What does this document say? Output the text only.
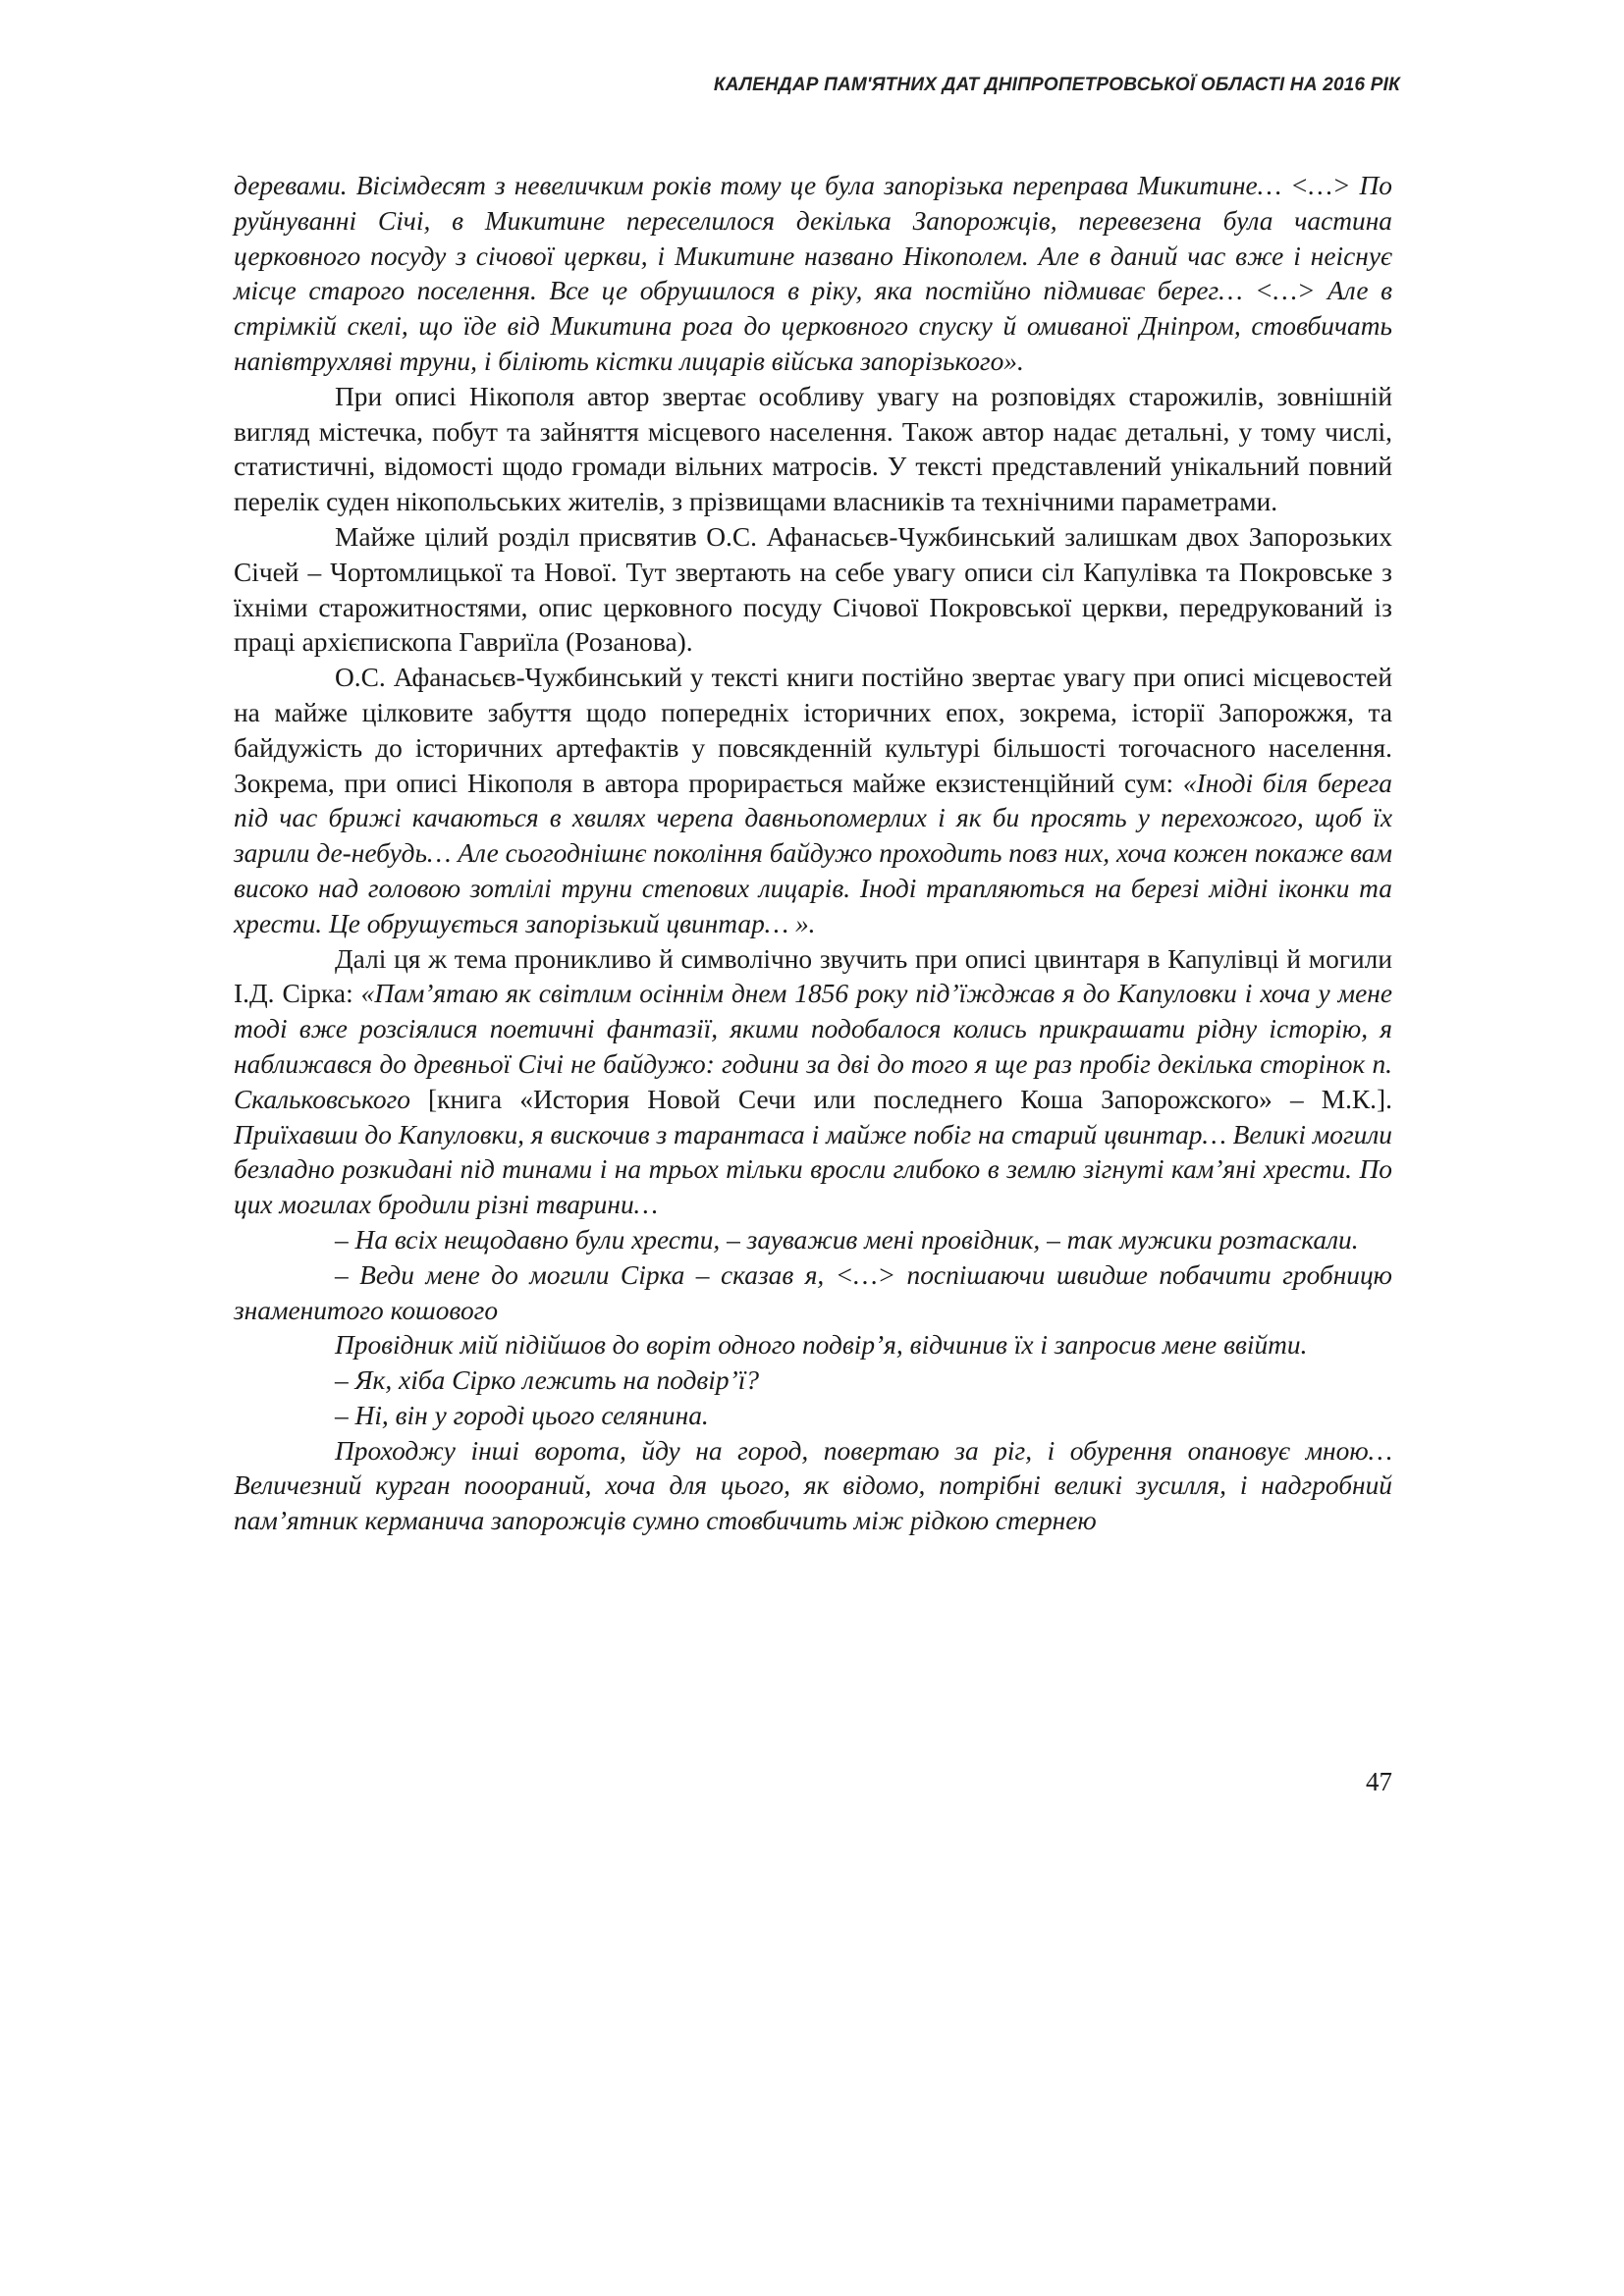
КАЛЕНДАР ПАМ'ЯТНИХ ДАТ ДНІПРОПЕТРОВСЬКОЇ ОБЛАСТІ НА 2016 РІК

деревами. Вісімдесят з невеличким років тому це була запорізька переправа Микитине… <…> По руйнуванні Січі, в Микитине переселилося декілька Запорожців, перевезена була частина церковного посуду з січової церкви, і Микитине названо Нікополем. Але в даний час вже і неіснує місце старого поселення. Все це обрушилося в ріку, яка постійно підмиває берег… <…> Але в стрімкій скелі, що їде від Микитина рога до церковного спуску й омиваної Дніпром, стовбичать напівтрухляві труни, і біліють кістки лицарів війська запорізького».

При описі Нікополя автор звертає особливу увагу на розповідях старожилів, зовнішній вигляд містечка, побут та зайняття місцевого населення. Також автор надає детальні, у тому числі, статистичні, відомості щодо громади вільних матросів. У тексті представлений унікальний повний перелік суден нікопольських жителів, з прізвищами власників та технічними параметрами.

Майже цілий розділ присвятив О.С. Афанасьєв-Чужбинський залишкам двох Запорозьких Січей – Чортомлицької та Нової. Тут звертають на себе увагу описи сіл Капулівка та Покровське з їхніми старожитностями, опис церковного посуду Січової Покровської церкви, передрукований із праці архієпископа Гавриїла (Розанова).

О.С. Афанасьєв-Чужбинський у тексті книги постійно звертає увагу при описі місцевостей на майже цілковите забуття щодо попередніх історичних епох, зокрема, історії Запорожжя, та байдужість до історичних артефактів у повсякденній культурі більшості тогочасного населення. Зокрема, при описі Нікополя в автора прорирається майже екзистенційний сум: «Іноді біля берега під час брижі качаються в хвилях черепа давньопомерлих і як би просять у перехожого, щоб їх зарили де-небудь… Але сьогоднішнє покоління байдужо проходить повз них, хоча кожен покаже вам високо над головою зотлілі труни степових лицарів. Іноді трапляються на березі мідні іконки та хрести. Це обрушується запорізький цвинтар… ».

Далі ця ж тема проникливо й символічно звучить при описі цвинтаря в Капулівці й могили І.Д. Сірка: «Пам’ятаю як світлим осіннім днем 1856 року під’їжджав я до Капуловки і хоча у мене тоді вже розсіялися поетичні фантазії, якими подобалося колись прикрашати рідну історію, я наближався до древньої Січі не байдужо: години за дві до того я ще раз пробіг декілька сторінок п. Скальковського [книга «История Новой Сечи или последнего Коша Запорожского» – М.К.]. Приїхавши до Капуловки, я вискочив з тарантаса і майже побіг на старий цвинтар… Великі могили безладно розкидані під тинами і на трьох тільки вросли глибоко в землю зігнуті кам’яні хрести. По цих могилах бродили різні тварини…

– На всіх нещодавно були хрести, – зауважив мені провідник, – так мужики розтаскали.

– Веди мене до могили Сірка – сказав я, <…> поспішаючи швидше побачити гробницю знаменитого кошового

Провідник мій підійшов до воріт одного подвір’я, відчинив їх і запросив мене ввійти.

– Як, хіба Сірко лежить на подвір’ї?

– Ні, він у городі цього селянина.

Проходжу інші ворота, йду на город, повертаю за ріг, і обурення опановує мною… Величезний курган пооораний, хоча для цього, як відомо, потрібні великі зусилля, і надгробний пам’ятник керманича запорожців сумно стовбичить між рідкою стернею

47
